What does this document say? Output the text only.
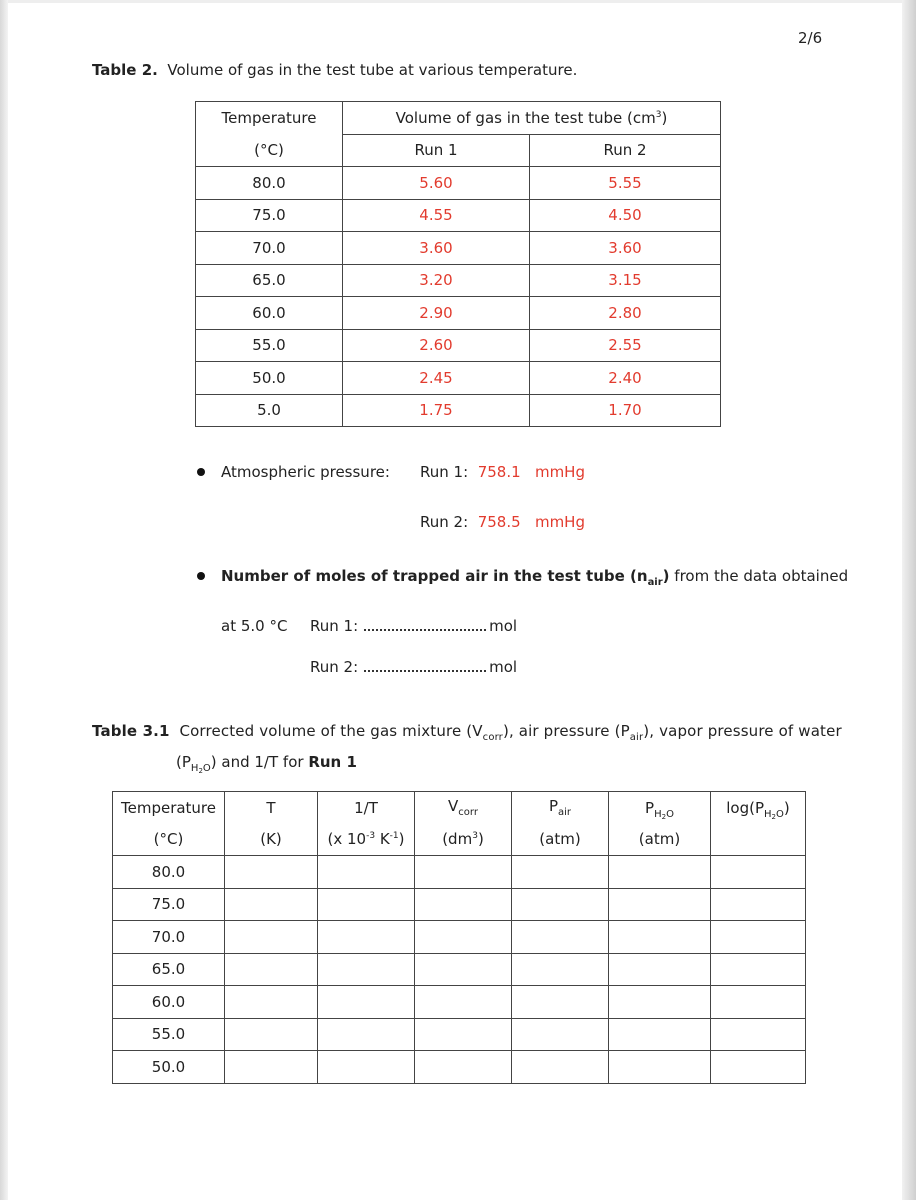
2/6
Table 2. Volume of gas in the test tube at various temperature.
Temperature	Volume of gas in the test tube $(cm^3)$	
(°C)	Run 1	Run 2
80.0	5.60	5.55
75.0	4.55	4.50
70.0	3.60	3.60
65.0	3.20	3.15
60.0	2.90	2.80
55.0	2.60	2.55
50.0	2.45	2.40
5.0	1.75	1.70
Atmospheric pressure: Run 1: 758.1 mmHg
Run 2: 758.5 mmHg
Number of moles of trapped air in the test tube $(n_{air})$ from the data obtained
at 5.0 °C Run 1:	mol
Run 2:	mol
Table 3.1 Corrected volume of the gas mixture $(V_{corr})$, air pressure $(P_{air})$, vapor pressure of water
$(P_{H2O})$ and 1/T for Run 1
Temperature	T	1/T	$V_{corr}$	$P_{air}$	$P_{H2O}$	$\log(P_{H2O})$
(°C)	(K)	(x $10^{-3}$ $K^{-1}$)	$(dm^3)$	(atm)	(atm)	
80.0						
75.0						
70.0						
65.0						
60.0						
55.0						
50.0						
